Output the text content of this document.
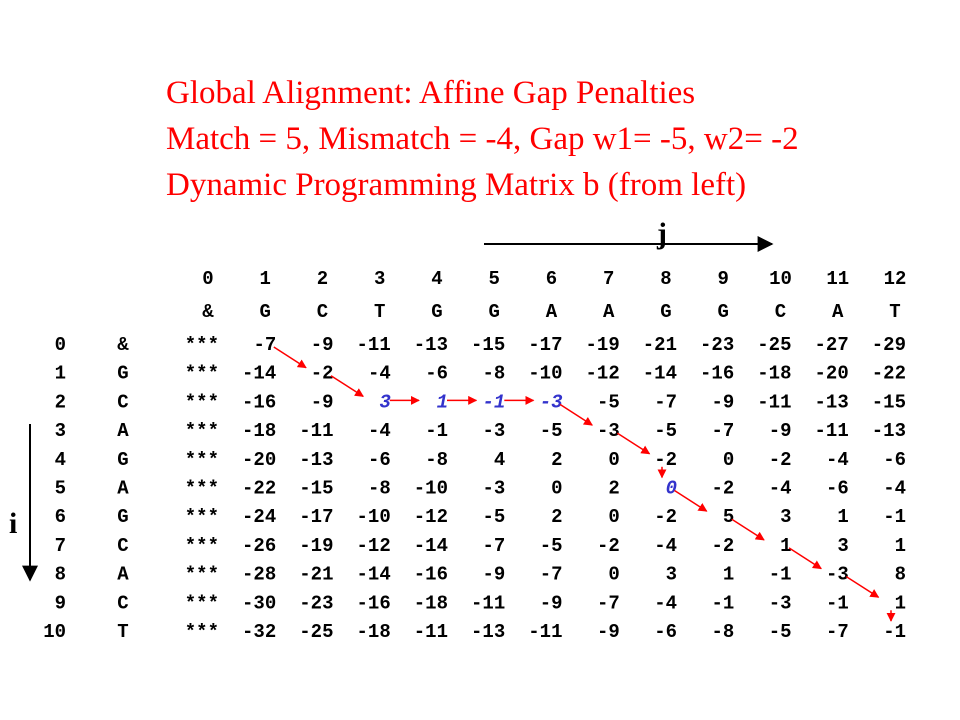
Global Alignment: Affine Gap Penalties
Match = 5, Mismatch = -4, Gap w1= -5, w2= -2
Dynamic Programming Matrix b (from left)
j
i
0 1 2 3 4 5 6 7 8 9 10 11 12
& G C T G G A A G G C A T
0	&	*** -7 -9 -11 -13 -15 -17 -19 -21 -23 -25 -27 -29
1	G	*** -14 -2 -4 -6 -8 -10 -12 -14 -16 -18 -20 -22
2	C	*** -16 -9 3 1 -1 -3 -5 -7 -9 -11 -13 -15
3	A	*** -18 -11 -4 -1 -3 -5 -3 -5 -7 -9 -11 -13
4	G	*** -20 -13 -6 -8 4 2 0 -2 0 -2 -4 -6
5	A	*** -22 -15 -8 -10 -3 0 2 0 -2 -4 -6 -4
6	G	*** -24 -17 -10 -12 -5 2 0 -2 5 3 1 -1
7	C	*** -26 -19 -12 -14 -7 -5 -2 -4 -2 1 3 1
8	A	*** -28 -21 -14 -16 -9 -7 0 3 1 -1 -3 8
9	C	*** -30 -23 -16 -18 -11 -9 -7 -4 -1 -3 -1 1
10	T	*** -32 -25 -18 -11 -13 -11 -9 -6 -8 -5 -7 -1
